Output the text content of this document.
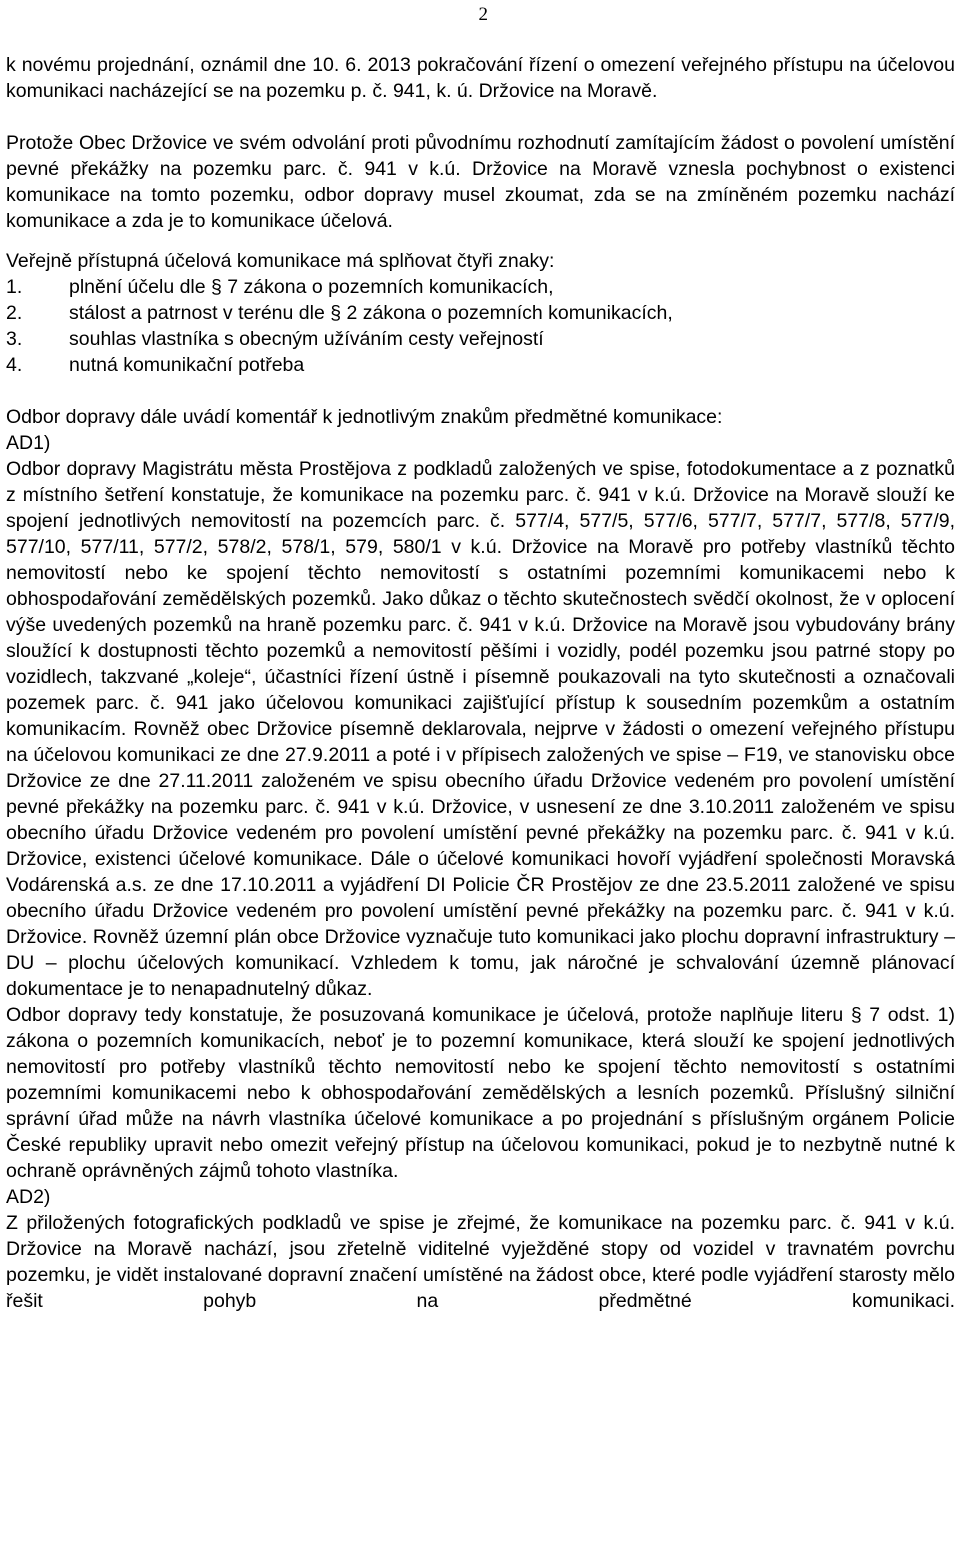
2

k novému projednání, oznámil dne 10. 6. 2013 pokračování řízení o omezení veřejného přístupu na účelovou komunikaci nacházející se na pozemku p. č. 941, k. ú. Držovice na Moravě.

Protože Obec Držovice ve svém odvolání proti původnímu rozhodnutí zamítajícím žádost o povolení umístění pevné překážky na pozemku parc. č. 941 v k.ú. Držovice na Moravě vznesla pochybnost o existenci komunikace na tomto pozemku, odbor dopravy musel zkoumat, zda se na zmíněném pozemku nachází komunikace a zda je to komunikace účelová.

Veřejně přístupná účelová komunikace má splňovat čtyři znaky:

1.	plnění účelu dle § 7 zákona o pozemních komunikacích,
2.	stálost a patrnost v terénu dle § 2 zákona o pozemních komunikacích,
3.	souhlas vlastníka s obecným užíváním cesty veřejností
4.	nutná komunikační potřeba

Odbor dopravy dále uvádí komentář k jednotlivým znakům předmětné komunikace:

AD1)

Odbor dopravy Magistrátu města Prostějova z podkladů založených ve spise, fotodokumentace a z poznatků z místního šetření konstatuje, že komunikace na pozemku parc. č. 941 v k.ú. Držovice na Moravě slouží ke spojení jednotlivých nemovitostí na pozemcích parc. č. 577/4, 577/5, 577/6, 577/7, 577/7, 577/8, 577/9, 577/10, 577/11, 577/2, 578/2, 578/1, 579, 580/1 v k.ú. Držovice na Moravě pro potřeby vlastníků těchto nemovitostí nebo ke spojení těchto nemovitostí s ostatními pozemními komunikacemi nebo k obhospodařování zemědělských pozemků. Jako důkaz o těchto skutečnostech svědčí okolnost, že v oplocení výše uvedených pozemků na hraně pozemku parc. č. 941 v k.ú. Držovice na Moravě jsou vybudovány brány sloužící k dostupnosti těchto pozemků a nemovitostí pěšími i vozidly, podél pozemku jsou patrné stopy po vozidlech, takzvané „koleje“, účastníci řízení ústně i písemně poukazovali na tyto skutečnosti a označovali pozemek parc. č. 941 jako účelovou komunikaci zajišťující přístup k sousedním pozemkům a ostatním komunikacím. Rovněž obec Držovice písemně deklarovala, nejprve v žádosti o omezení veřejného přístupu na účelovou komunikaci ze dne 27.9.2011 a poté i v přípisech založených ve spise – F19, ve stanovisku obce Držovice ze dne 27.11.2011 založeném ve spisu obecního úřadu Držovice vedeném pro povolení umístění pevné překážky na pozemku parc. č. 941 v k.ú. Držovice, v usnesení ze dne 3.10.2011 založeném ve spisu obecního úřadu Držovice vedeném pro povolení umístění pevné překážky na pozemku parc. č. 941 v k.ú. Držovice, existenci účelové komunikace. Dále o účelové komunikaci hovoří vyjádření společnosti Moravská Vodárenská a.s. ze dne 17.10.2011 a vyjádření DI Policie ČR Prostějov ze dne 23.5.2011 založené ve spisu obecního úřadu Držovice vedeném pro povolení umístění pevné překážky na pozemku parc. č. 941 v k.ú. Držovice. Rovněž územní plán obce Držovice vyznačuje tuto komunikaci jako plochu dopravní infrastruktury – DU – plochu účelových komunikací. Vzhledem k tomu, jak náročné je schvalování územně plánovací dokumentace je to nenapadnutelný důkaz.

Odbor dopravy tedy konstatuje, že posuzovaná komunikace je účelová, protože naplňuje literu § 7 odst. 1) zákona o pozemních komunikacích, neboť je to pozemní komunikace, která slouží ke spojení jednotlivých nemovitostí pro potřeby vlastníků těchto nemovitostí nebo ke spojení těchto nemovitostí s ostatními pozemními komunikacemi nebo k obhospodařování zemědělských a lesních pozemků. Příslušný silniční správní úřad může na návrh vlastníka účelové komunikace a po projednání s příslušným orgánem Policie České republiky upravit nebo omezit veřejný přístup na účelovou komunikaci, pokud je to nezbytně nutné k ochraně oprávněných zájmů tohoto vlastníka.

AD2)

Z přiložených fotografických podkladů ve spise je zřejmé, že komunikace na pozemku parc. č. 941 v k.ú. Držovice na Moravě nachází, jsou zřetelně viditelné vyježděné stopy od vozidel v travnatém povrchu pozemku, je vidět instalované dopravní značení umístěné na žádost obce, které podle vyjádření starosty mělo řešit pohyb na předmětné komunikaci.
